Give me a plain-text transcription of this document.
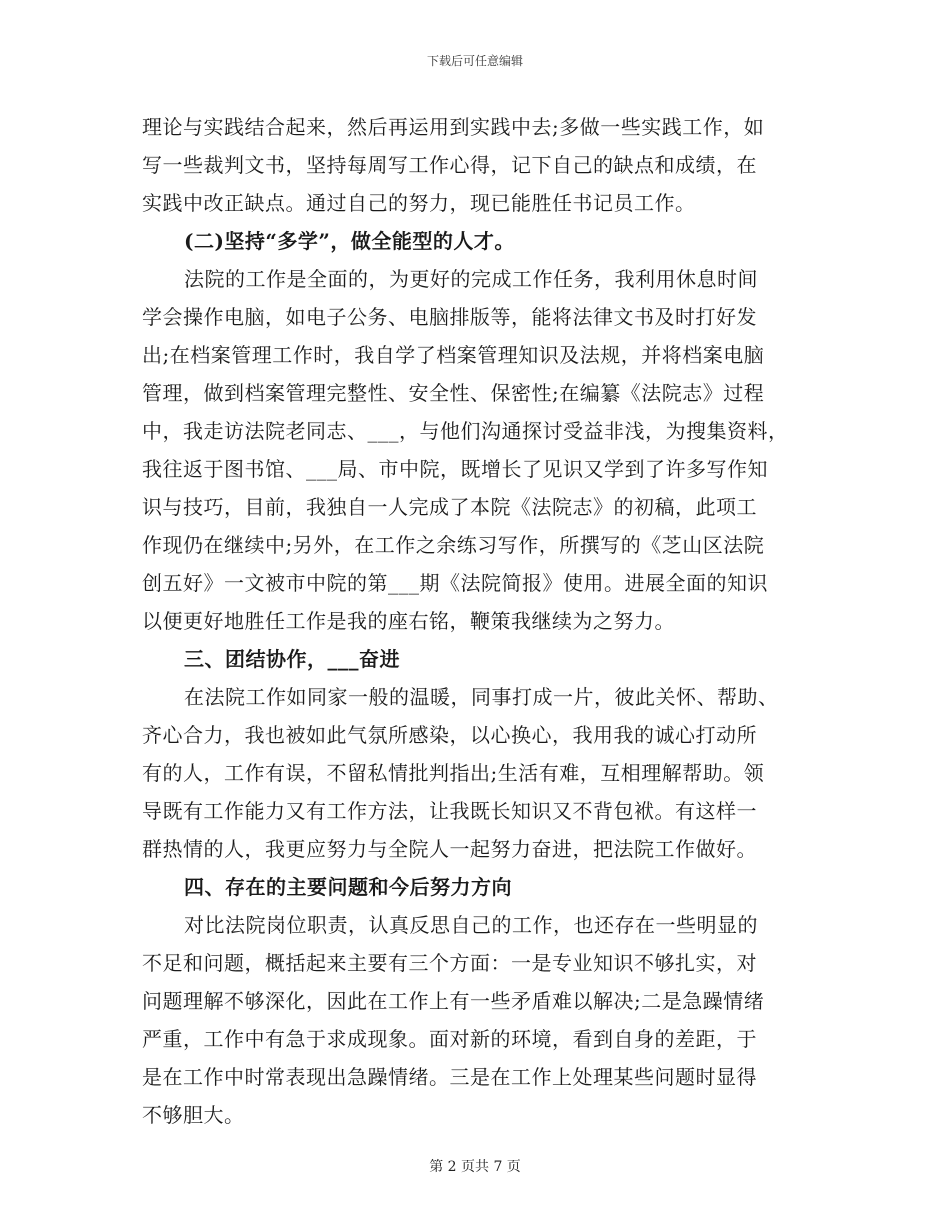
下载后可任意编辑
理论与实践结合起来，然后再运用到实践中去;多做一些实践工作，如
写一些裁判文书，坚持每周写工作心得，记下自己的缺点和成绩，在
实践中改正缺点。通过自己的努力，现已能胜任书记员工作。
(二)坚持“多学”，做全能型的人才。
法院的工作是全面的，为更好的完成工作任务，我利用休息时间
学会操作电脑，如电子公务、电脑排版等，能将法律文书及时打好发
出;在档案管理工作时，我自学了档案管理知识及法规，并将档案电脑
管理，做到档案管理完整性、安全性、保密性;在编纂《法院志》过程
中，我走访法院老同志、___，与他们沟通探讨受益非浅，为搜集资料，
我往返于图书馆、___局、市中院，既增长了见识又学到了许多写作知
识与技巧，目前，我独自一人完成了本院《法院志》的初稿，此项工
作现仍在继续中;另外，在工作之余练习写作，所撰写的《芝山区法院
创五好》一文被市中院的第___期《法院简报》使用。进展全面的知识
以便更好地胜任工作是我的座右铭，鞭策我继续为之努力。
三、团结协作，___奋进
在法院工作如同家一般的温暖，同事打成一片，彼此关怀、帮助、
齐心合力，我也被如此气氛所感染，以心换心，我用我的诚心打动所
有的人，工作有误，不留私情批判指出;生活有难，互相理解帮助。领
导既有工作能力又有工作方法，让我既长知识又不背包袱。有这样一
群热情的人，我更应努力与全院人一起努力奋进，把法院工作做好。
四、存在的主要问题和今后努力方向
对比法院岗位职责，认真反思自己的工作，也还存在一些明显的
不足和问题，概括起来主要有三个方面：一是专业知识不够扎实，对
问题理解不够深化，因此在工作上有一些矛盾难以解决;二是急躁情绪
严重，工作中有急于求成现象。面对新的环境，看到自身的差距，于
是在工作中时常表现出急躁情绪。三是在工作上处理某些问题时显得
不够胆大。
第 2 页共 7 页
